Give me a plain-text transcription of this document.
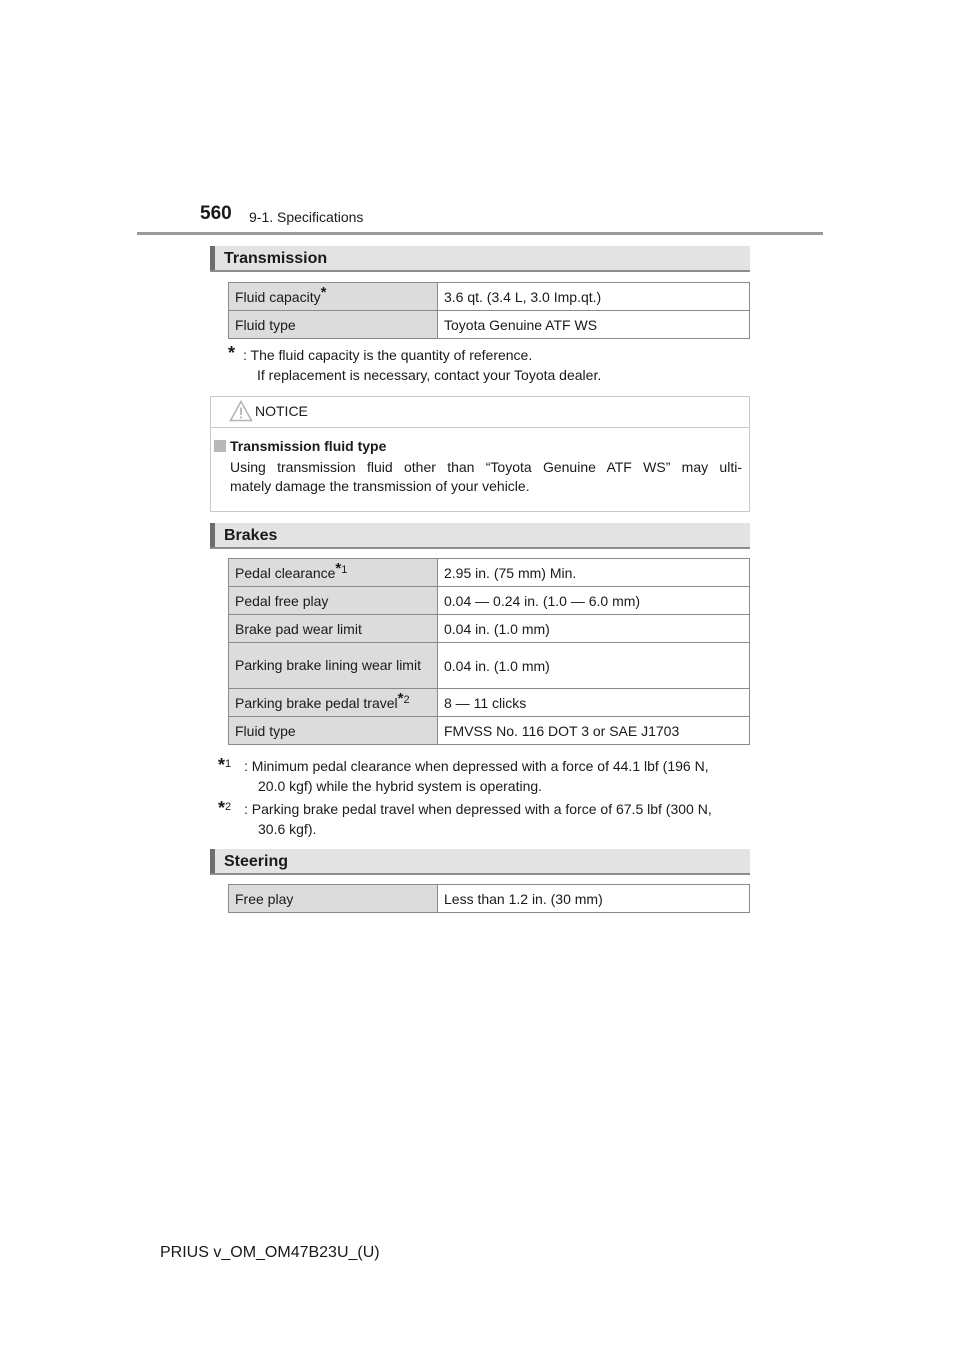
560 9-1. Specifications
Transmission
Fluid capacity*	3.6 qt. (3.4 L, 3.0 Imp.qt.)
Fluid type	Toyota Genuine ATF WS
* : The fluid capacity is the quantity of reference.
If replacement is necessary, contact your Toyota dealer.
NOTICE
Transmission fluid type
Using transmission fluid other than “Toyota Genuine ATF WS” may ulti-
mately damage the transmission of your vehicle.
Brakes
Pedal clearance$^{*1}$	2.95 in. (75 mm) Min.
Pedal free play	0.04 — 0.24 in. (1.0 — 6.0 mm)
Brake pad wear limit	0.04 in. (1.0 mm)
Parking brake lining wear limit	0.04 in. (1.0 mm)
Parking brake pedal travel$^{*2}$	8 — 11 clicks
Fluid type	FMVSS No. 116 DOT 3 or SAE J1703
*$^1$ : Minimum pedal clearance when depressed with a force of 44.1 lbf (196 N,
20.0 kgf) while the hybrid system is operating.
*$^2$ : Parking brake pedal travel when depressed with a force of 67.5 lbf (300 N,
30.6 kgf).
Steering
Free play	Less than 1.2 in. (30 mm)
PRIUS v_OM_OM47B23U_(U)
